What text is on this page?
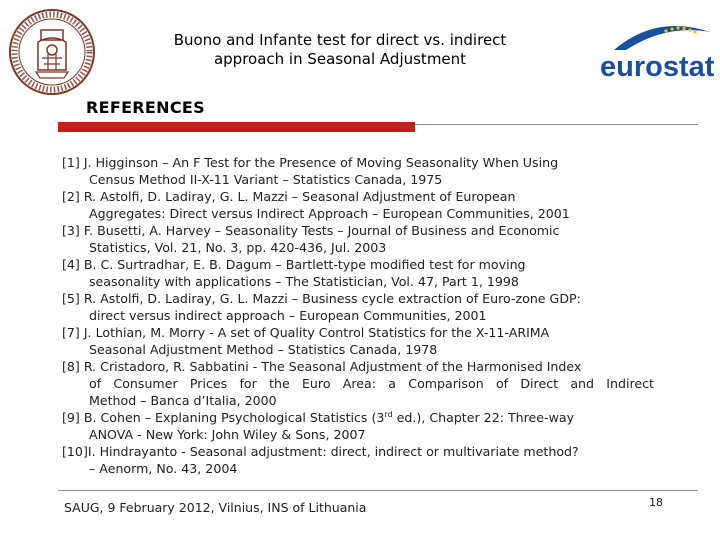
Buono and Infante test for direct vs. indirect
approach in Seasonal Adjustment	eurostat
REFERENCES
[1] J. Higginson – An F Test for the Presence of Moving Seasonality When Using
Census Method II-X-11 Variant – Statistics Canada, 1975
[2] R. Astolfi, D. Ladiray, G. L. Mazzi – Seasonal Adjustment of European
Aggregates: Direct versus Indirect Approach – European Communities, 2001
[3] F. Busetti, A. Harvey – Seasonality Tests – Journal of Business and Economic
Statistics, Vol. 21, No. 3, pp. 420-436, Jul. 2003
[4] B. C. Surtradhar, E. B. Dagum – Bartlett-type modified test for moving
seasonality with applications – The Statistician, Vol. 47, Part 1, 1998
[5] R. Astolfi, D. Ladiray, G. L. Mazzi – Business cycle extraction of Euro-zone GDP:
direct versus indirect approach – European Communities, 2001
[7] J. Lothian, M. Morry - A set of Quality Control Statistics for the X-11-ARIMA
Seasonal Adjustment Method – Statistics Canada, 1978
[8] R. Cristadoro, R. Sabbatini - The Seasonal Adjustment of the Harmonised Index
of Consumer Prices for the Euro Area: a Comparison of Direct and Indirect
Method – Banca d’Italia, 2000
[9] B. Cohen – Explaning Psychological Statistics (3rd ed.), Chapter 22: Three-way
ANOVA - New York: John Wiley & Sons, 2007
[10] I. Hindrayanto - Seasonal adjustment: direct, indirect or multivariate method?
– Aenorm, No. 43, 2004
SAUG, 9 February 2012, Vilnius, INS of Lithuania	18
